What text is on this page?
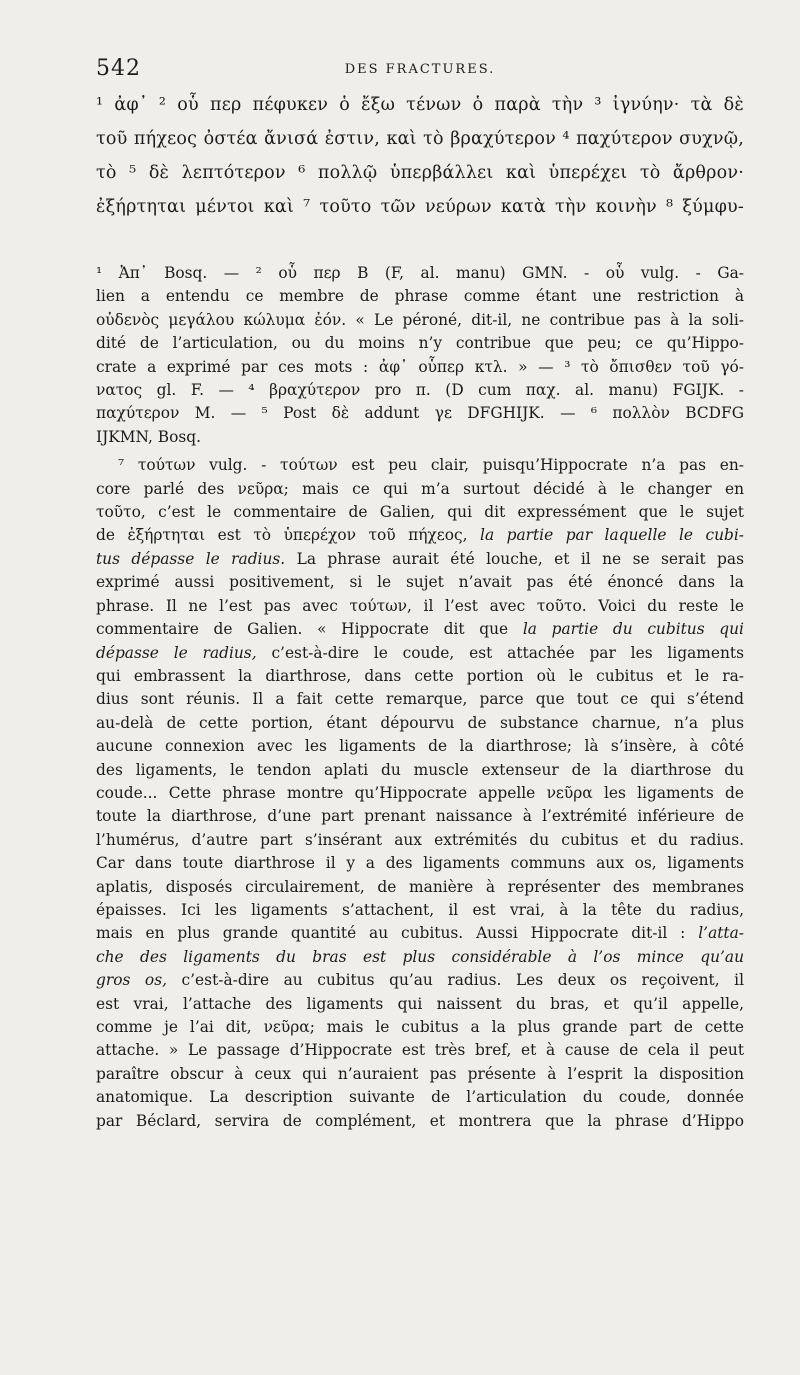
542	DES FRACTURES.
¹ ἀφ᾽ ² οὗ περ πέφυκεν ὁ ἔξω τένων ὁ παρὰ τὴν ³ ἰγνύην· τὰ δὲ
τοῦ πήχεος ὀστέα ἄνισά ἐστιν, καὶ τὸ βραχύτερον ⁴ παχύτερον συχνῷ,
τὸ ⁵ δὲ λεπτότερον ⁶ πολλῷ ὑπερβάλλει καὶ ὑπερέχει τὸ ἄρθρον·
ἐξήρτηται μέντοι καὶ ⁷ τοῦτο τῶν νεύρων κατὰ τὴν κοινὴν ⁸ ξύμφυ-
¹ Ἀπ᾽ Bosq. — ² οὗ περ B (F, al. manu) GMN. - οὗ vulg. - Ga-
lien a entendu ce membre de phrase comme étant une restriction à
οὐδενὸς μεγάλου κώλυμα ἐόν. « Le péroné, dit-il, ne contribue pas à la soli-
dité de l’articulation, ou du moins n’y contribue que peu; ce qu’Hippo-
crate a exprimé par ces mots : ἀφ᾽ οὗπερ κτλ. » — ³ τὸ ὄπισθεν τοῦ γό-
νατος gl. F. — ⁴ βραχύτερον pro π. (D cum παχ. al. manu) FGIJK. -
παχύτερον M. — ⁵ Post δὲ addunt γε DFGHIJK. — ⁶ πολλὸν BCDFG
IJKMN, Bosq.
⁷ τούτων vulg. - τούτων est peu clair, puisqu’Hippocrate n’a pas en-
core parlé des νεῦρα; mais ce qui m’a surtout décidé à le changer en
τοῦτο, c’est le commentaire de Galien, qui dit expressément que le sujet
de ἐξήρτηται est τὸ ὑπερέχον τοῦ πήχεος, la partie par laquelle le cubi-
tus dépasse le radius. La phrase aurait été louche, et il ne se serait pas
exprimé aussi positivement, si le sujet n’avait pas été énoncé dans la
phrase. Il ne l’est pas avec τούτων, il l’est avec τοῦτο. Voici du reste le
commentaire de Galien. « Hippocrate dit que la partie du cubitus qui
dépasse le radius, c’est-à-dire le coude, est attachée par les ligaments
qui embrassent la diarthrose, dans cette portion où le cubitus et le ra-
dius sont réunis. Il a fait cette remarque, parce que tout ce qui s’étend
au-delà de cette portion, étant dépourvu de substance charnue, n’a plus
aucune connexion avec les ligaments de la diarthrose; là s’insère, à côté
des ligaments, le tendon aplati du muscle extenseur de la diarthrose du
coude... Cette phrase montre qu’Hippocrate appelle νεῦρα les ligaments de
toute la diarthrose, d’une part prenant naissance à l’extrémité inférieure de
l’humérus, d’autre part s’insérant aux extrémités du cubitus et du radius.
Car dans toute diarthrose il y a des ligaments communs aux os, ligaments
aplatis, disposés circulairement, de manière à représenter des membranes
épaisses. Ici les ligaments s’attachent, il est vrai, à la tête du radius,
mais en plus grande quantité au cubitus. Aussi Hippocrate dit-il : l’atta-
che des ligaments du bras est plus considérable à l’os mince qu’au
gros os, c’est-à-dire au cubitus qu’au radius. Les deux os reçoivent, il
est vrai, l’attache des ligaments qui naissent du bras, et qu’il appelle,
comme je l’ai dit, νεῦρα; mais le cubitus a la plus grande part de cette
attache. » Le passage d’Hippocrate est très bref, et à cause de cela il peut
paraître obscur à ceux qui n’auraient pas présente à l’esprit la disposition
anatomique. La description suivante de l’articulation du coude, donnée
par Béclard, servira de complément, et montrera que la phrase d’Hippo
